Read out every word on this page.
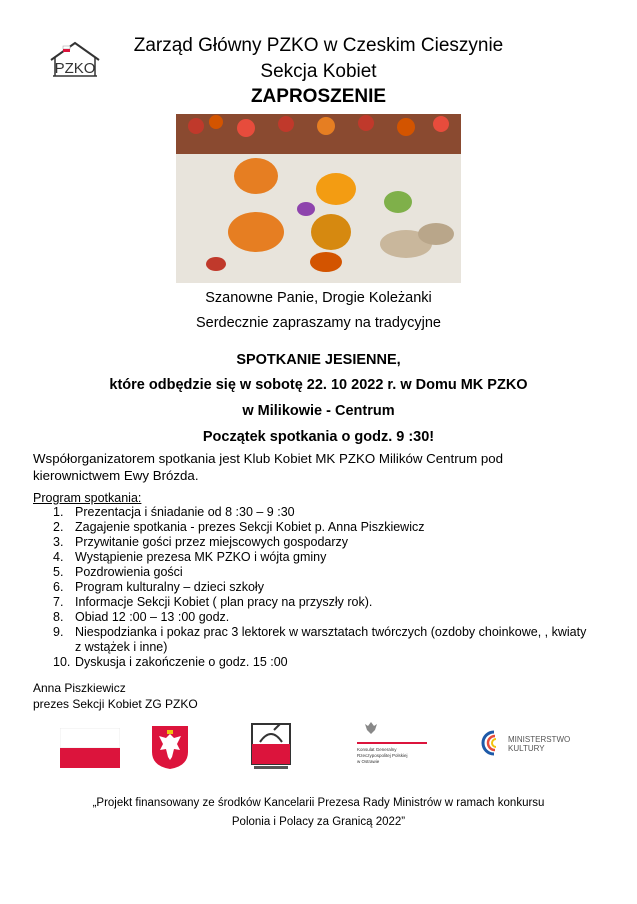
PZKO
Zarząd Główny PZKO w Czeskim Cieszynie
Sekcja Kobiet
ZAPROSZENIE
Szanowne Panie, Drogie Koleżanki
Serdecznie zapraszamy na tradycyjne
SPOTKANIE JESIENNE,
które odbędzie się w sobotę 22. 10 2022 r. w Domu MK PZKO
w Milikowie - Centrum
Początek spotkania o godz. 9 :30!
Współorganizatorem spotkania jest Klub Kobiet MK PZKO Milików Centrum pod kierownictwem Ewy Brózda.
Program spotkania:
1. Prezentacja i śniadanie od 8 :30 – 9 :30
2. Zagajenie spotkania - prezes Sekcji Kobiet p. Anna Piszkiewicz
3. Przywitanie gości przez miejscowych gospodarzy
4. Wystąpienie prezesa MK PZKO i wójta gminy
5. Pozdrowienia gości
6. Program kulturalny – dzieci szkoły
7. Informacje Sekcji Kobiet ( plan pracy na przyszły rok).
8. Obiad 12 :00 – 13 :00 godz.
9. Niespodzianka i pokaz prac 3 lektorek w warsztatach twórczych (ozdoby choinkowe, , kwiaty z wstążek i inne)
10. Dyskusja i zakończenie o godz. 15 :00
Anna Piszkiewicz
prezes Sekcji Kobiet ZG PZKO
Konsulat Generalny
Rzeczypospolitej Polskiej
w Ostrawie
MINISTERSTWO
KULTURY
„Projekt finansowany ze środków Kancelarii Prezesa Rady Ministrów w ramach konkursu
Polonia i Polacy za Granicą 2022”
